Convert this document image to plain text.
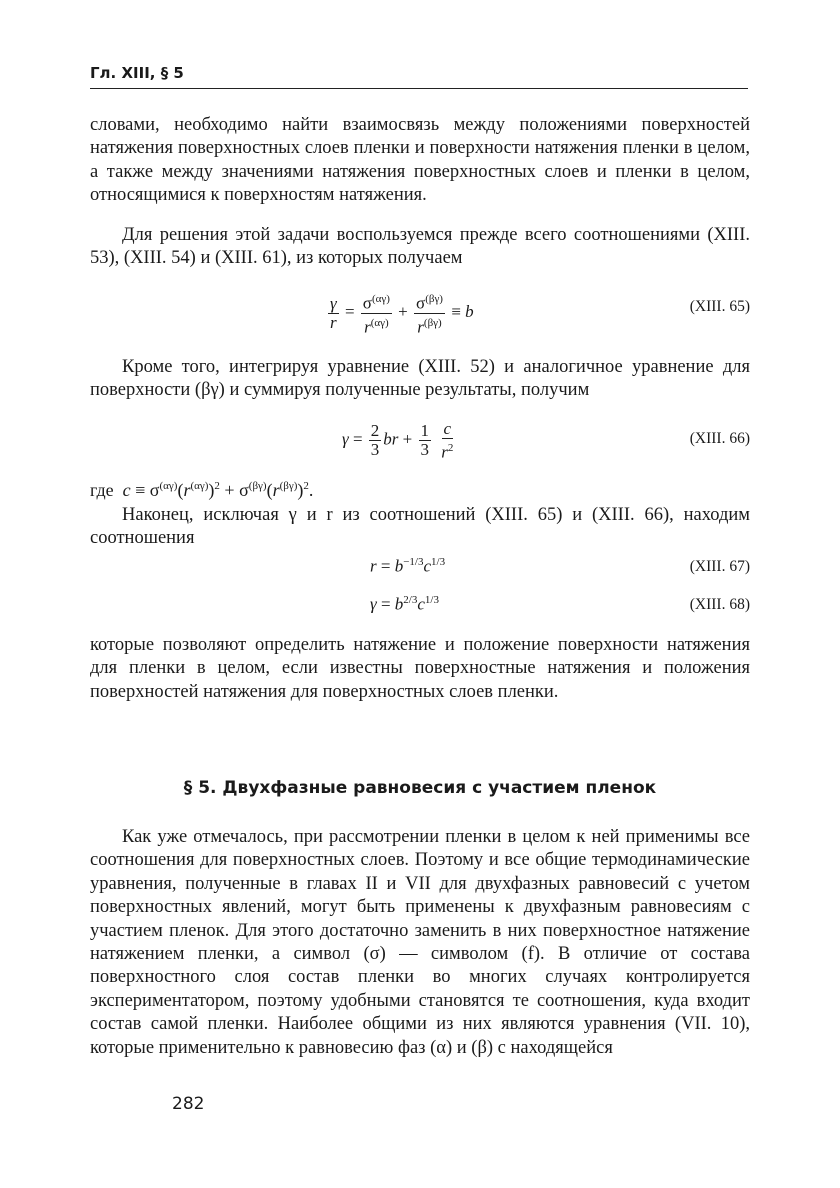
Гл. XIII, § 5

словами, необходимо найти взаимосвязь между положениями поверхностей натяжения поверхностных слоев пленки и поверхности натяжения пленки в целом, а также между значениями натяжения поверхностных слоев и пленки в целом, относящимися к поверхностям натяжения.

Для решения этой задачи воспользуемся прежде всего соотношениями (XIII. 53), (XIII. 54) и (XIII. 61), из которых получаем

$\frac{\gamma}{r} = \frac{\sigma^{(\alpha\gamma)}}{r^{(\alpha\gamma)}} + \frac{\sigma^{(\beta\gamma)}}{r^{(\beta\gamma)}} \equiv b$	(XIII. 65)

Кроме того, интегрируя уравнение (XIII. 52) и аналогичное уравнение для поверхности (βγ) и суммируя полученные результаты, получим

$\gamma = \frac{2}{3}$ br + $\frac{1}{3}$
$\frac{c}{r^2}$	(XIII. 66)
где $c \equiv \sigma^{(\alpha\gamma)}(r^{(\alpha\gamma)})^2 + \sigma^{(\beta\gamma)}(r^{(\beta\gamma)})^2$.

Наконец, исключая γ и r из соотношений (XIII. 65) и (XIII. 66), находим соотношения

$r = b^{-1/3}c^{1/3}$	(XIII. 67)
$\gamma = b^{2/3}c^{1/3}$	(XIII. 68)

которые позволяют определить натяжение и положение поверхности натяжения для пленки в целом, если известны поверхностные натяжения и положения поверхностей натяжения для поверхностных слоев пленки.

§ 5. Двухфазные равновесия с участием пленок

Как уже отмечалось, при рассмотрении пленки в целом к ней применимы все соотношения для поверхностных слоев. Поэтому и все общие термодинамические уравнения, полученные в главах II и VII для двухфазных равновесий с учетом поверхностных явлений, могут быть применены к двухфазным равновесиям с участием пленок. Для этого достаточно заменить в них поверхностное натяжение натяжением пленки, а символ (σ) — символом (f). В отличие от состава поверхностного слоя состав пленки во многих случаях контролируется экспериментатором, поэтому удобными становятся те соотношения, куда входит состав самой пленки. Наиболее общими из них являются уравнения (VII. 10), которые применительно к равновесию фаз (α) и (β) с находящейся

282
